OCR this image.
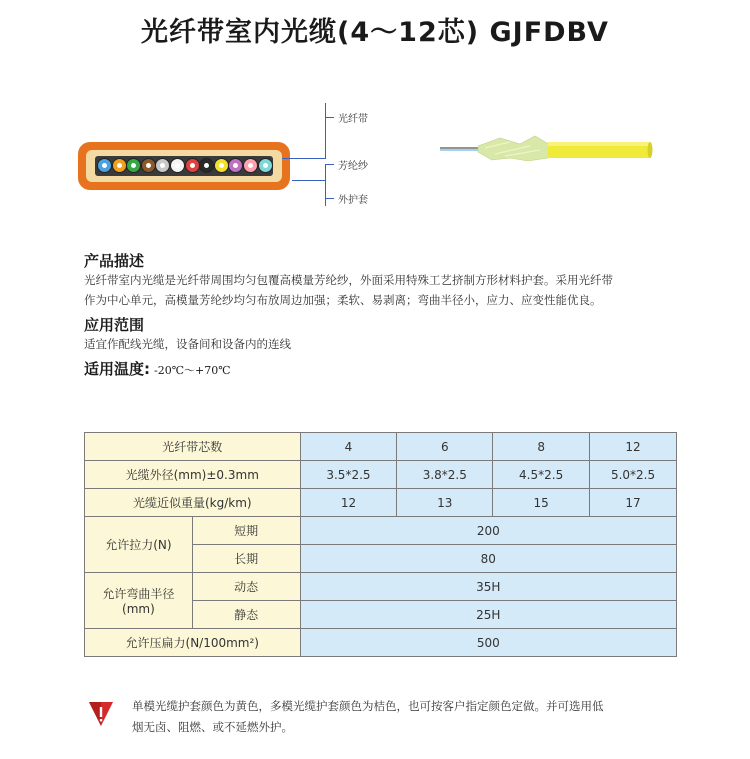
光纤带室内光缆(4～12芯) GJFDBV
光纤带
芳纶纱
外护套
产品描述
光纤带室内光缆是光纤带周围均匀包覆高模量芳纶纱，外面采用特殊工艺挤制方形材料护套。采用光纤带
作为中心单元，高模量芳纶纱均匀布放周边加强；柔软、易剥离；弯曲半径小，应力、应变性能优良。
应用范围
适宜作配线光缆，设备间和设备内的连线
适用温度: -20℃～+70℃
光纤带芯数		4	6	8	12
光缆外径(mm)±0.3mm		3.5*2.5	3.8*2.5	4.5*2.5	5.0*2.5
光缆近似重量(kg/km)		12	13	15	17
允许拉力(N)	短期	200			
	长期	80			

允许弯曲半径
(mm)	动态	35H			
	静态	25H			
允许压扁力(N/100mm²)		500			
单模光缆护套颜色为黄色，多模光缆护套颜色为桔色，也可按客户指定颜色定做。并可选用低
烟无卤、阻燃、或不延燃外护。
